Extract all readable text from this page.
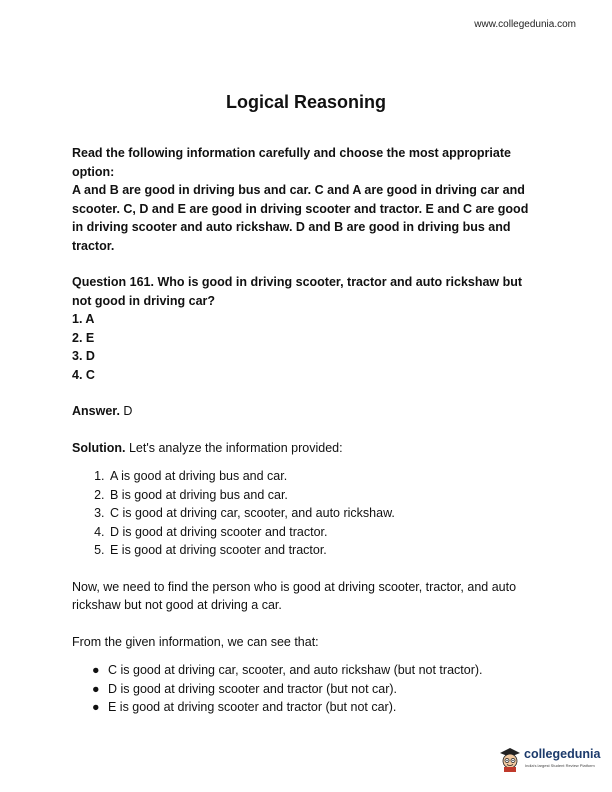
www.collegedunia.com
Logical Reasoning

Read the following information carefully and choose the most appropriate option:

A and B are good in driving bus and car. C and A are good in driving car and scooter. C, D and E are good in driving scooter and tractor. E and C are good in driving scooter and auto rickshaw. D and B are good in driving bus and tractor.

Question 161. Who is good in driving scooter, tractor and auto rickshaw but not good in driving car?

1. A

2. E

3. D

4. C

Answer. D

Solution. Let's analyze the information provided:

1. A is good at driving bus and car.
2. B is good at driving bus and car.
3. C is good at driving car, scooter, and auto rickshaw.
4. D is good at driving scooter and tractor.
5. E is good at driving scooter and tractor.

Now, we need to find the person who is good at driving scooter, tractor, and auto rickshaw but not good at driving a car.

From the given information, we can see that:

● C is good at driving car, scooter, and auto rickshaw (but not tractor).
● D is good at driving scooter and tractor (but not car).
● E is good at driving scooter and tractor (but not car).
collegedunia
India's largest Student Review Platform
